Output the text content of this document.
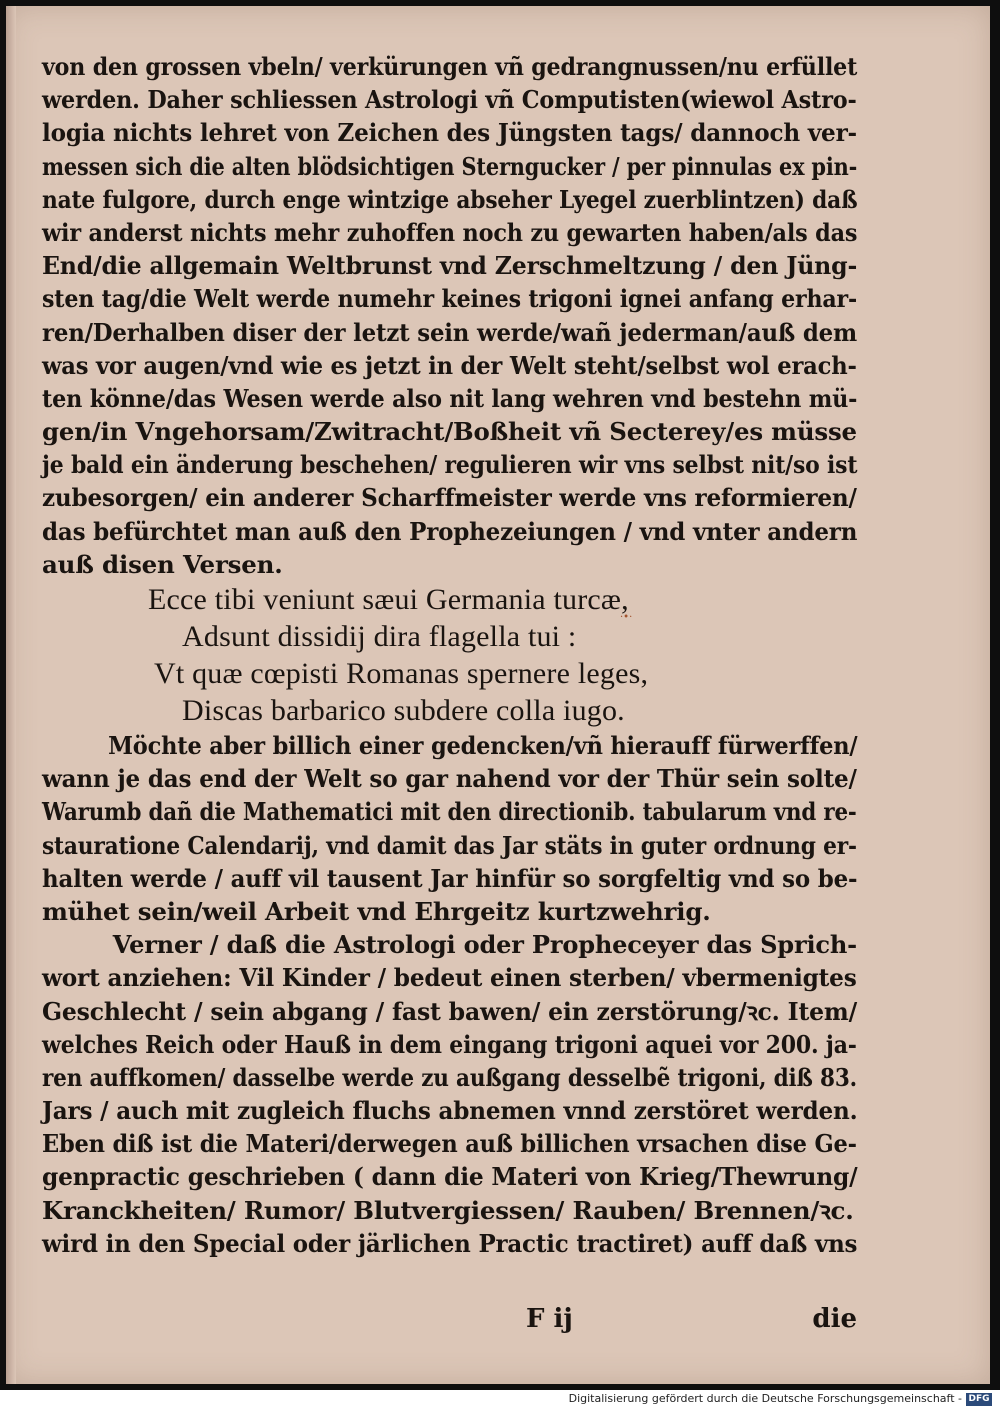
·•·
von den grossen vbeln/ verkürungen vñ gedrangnussen/nu erfüllet
werden. Daher schliessen Astrologi vñ Computisten(wiewol Astro-
logia nichts lehret von Zeichen des Jüngsten tags/ dannoch ver-
messen sich die alten blödsichtigen Sterngucker / per pinnulas ex pin-
nate fulgore, durch enge wintzige abseher Lyegel zuerblintzen) daß
wir anderst nichts mehr zuhoffen noch zu gewarten haben/als das
End/die allgemain Weltbrunst vnd Zerschmeltzung / den Jüng-
sten tag/die Welt werde numehr keines trigoni ignei anfang erhar-
ren/Derhalben diser der letzt sein werde/wañ jederman/auß dem
was vor augen/vnd wie es jetzt in der Welt steht/selbst wol erach-
ten könne/das Wesen werde also nit lang wehren vnd bestehn mü-
gen/in Vngehorsam/Zwitracht/Boßheit vñ Secterey/es müsse
je bald ein änderung beschehen/ regulieren wir vns selbst nit/so ist
zubesorgen/ ein anderer Scharffmeister werde vns reformieren/
das befürchtet man auß den Prophezeiungen / vnd vnter andern
auß disen Versen.
Ecce tibi veniunt sæui Germania turcæ,
Adsunt dissidij dira flagella tui :
Vt quæ cœpisti Romanas spernere leges,
Discas barbarico subdere colla iugo.
Möchte aber billich einer gedencken/vñ hierauff fürwerffen/
wann je das end der Welt so gar nahend vor der Thür sein solte/
Warumb dañ die Mathematici mit den directionib. tabularum vnd re-
stauratione Calendarij, vnd damit das Jar stäts in guter ordnung er-
halten werde / auff vil tausent Jar hinfür so sorgfeltig vnd so be-
mühet sein/weil Arbeit vnd Ehrgeitz kurtzwehrig.
Verner / daß die Astrologi oder Propheceyer das Sprich-
wort anziehen: Vil Kinder / bedeut einen sterben/ vbermenigtes
Geschlecht / sein abgang / fast bawen/ ein zerstörung/ꝛc. Item/
welches Reich oder Hauß in dem eingang trigoni aquei vor 200. ja-
ren auffkomen/ dasselbe werde zu außgang desselbẽ trigoni, diß 83.
Jars / auch mit zugleich fluchs abnemen vnnd zerstöret werden.
Eben diß ist die Materi/derwegen auß billichen vrsachen dise Ge-
genpractic geschrieben ( dann die Materi von Krieg/Thewrung/
Kranckheiten/ Rumor/ Blutvergiessen/ Rauben/ Brennen/ꝛc.
wird in den Special oder järlichen Practic tractiret) auff daß vns
F ij	die
Digitalisierung gefördert durch die Deutsche Forschungsgemeinschaft - DFG
